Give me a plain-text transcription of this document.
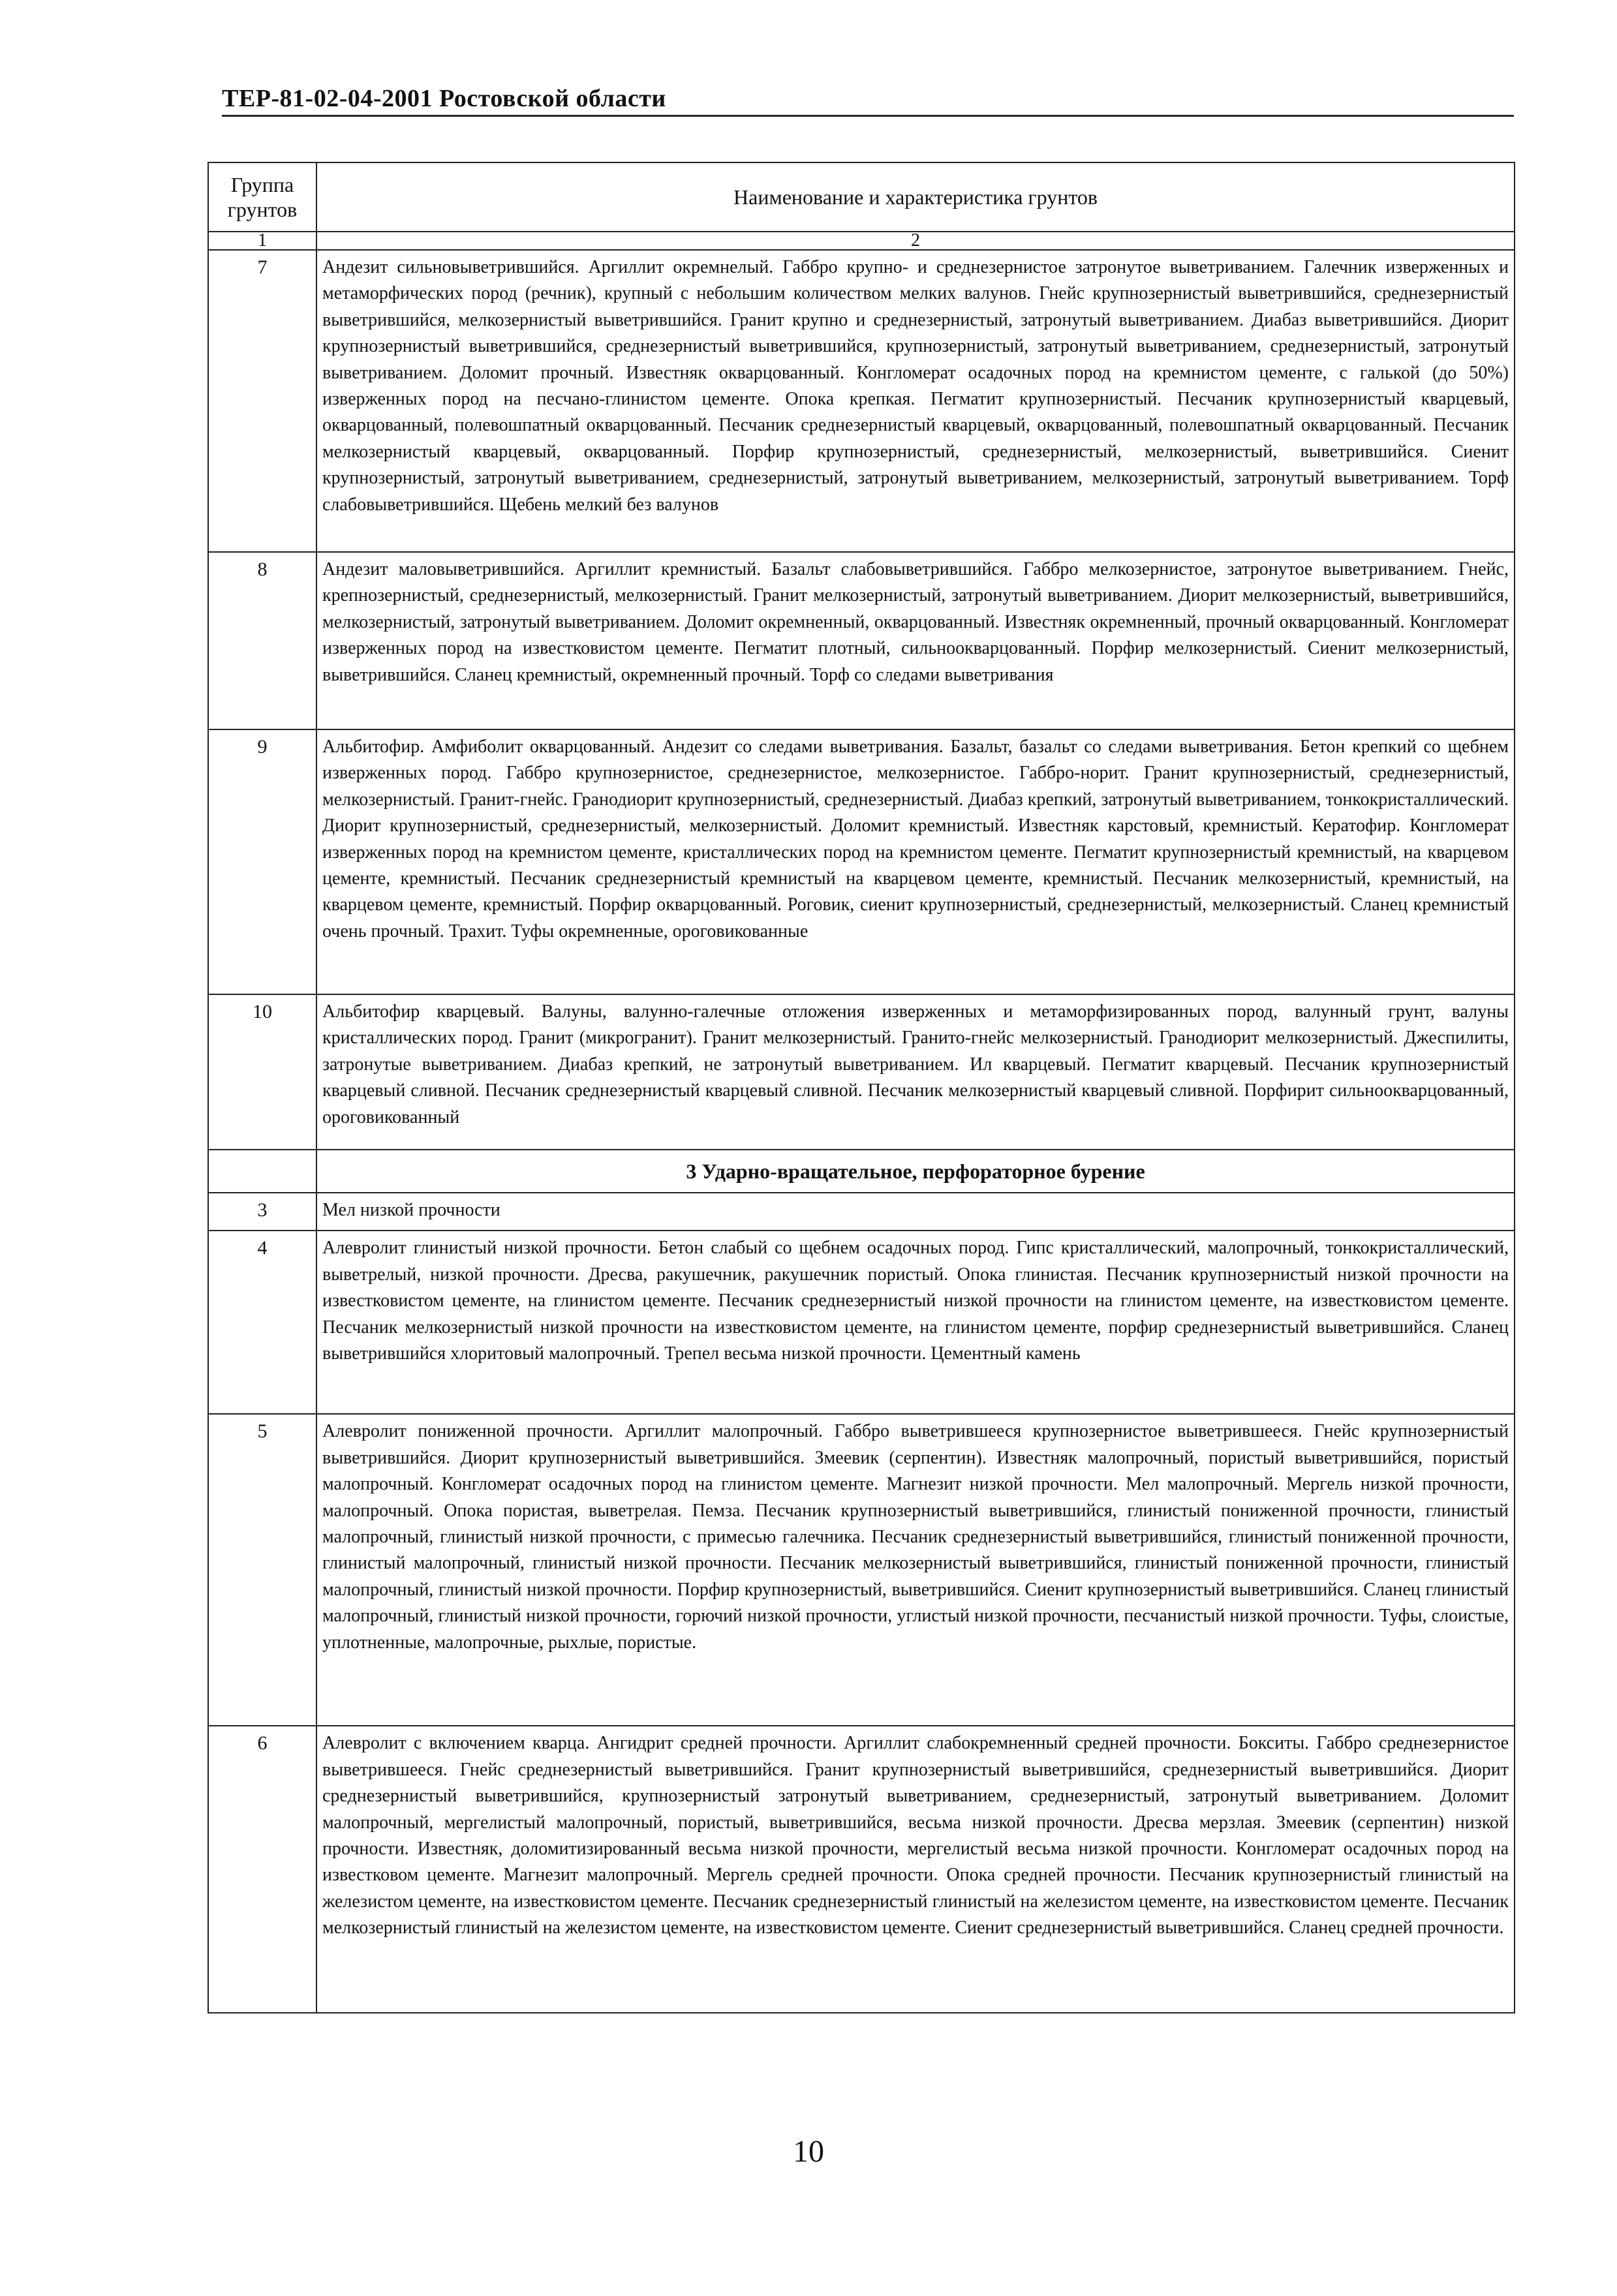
ТЕР-81-02-04-2001 Ростовской области
Группа грунтов	Наименование и характеристика грунтов
1	2
7	Андезит сильновыветрившийся. Аргиллит окремнелый. Габбро крупно- и среднезернистое затронутое выветриванием. Галечник изверженных и метаморфических пород (речник), крупный с небольшим количеством мелких валунов. Гнейс крупнозернистый выветрившийся, среднезернистый выветрившийся, мелкозернистый выветрившийся. Гранит крупно и среднезернистый, затронутый выветриванием. Диабаз выветрившийся. Диорит крупнозернистый выветрившийся, среднезернистый выветрившийся, крупнозернистый, затронутый выветриванием, среднезернистый, затронутый выветриванием. Доломит прочный. Известняк окварцованный. Конгломерат осадочных пород на кремнистом цементе, с галькой (до 50%) изверженных пород на песчано-глинистом цементе. Опока крепкая. Пегматит крупнозернистый. Песчаник крупнозернистый кварцевый, окварцованный, полевошпатный окварцованный. Песчаник среднезернистый кварцевый, окварцованный, полевошпатный окварцованный. Песчаник мелкозернистый кварцевый, окварцованный. Порфир крупнозернистый, среднезернистый, мелкозернистый, выветрившийся. Сиенит крупнозернистый, затронутый выветриванием, среднезернистый, затронутый выветриванием, мелкозернистый, затронутый выветриванием. Торф слабовыветрившийся. Щебень мелкий без валунов
8	Андезит маловыветрившийся. Аргиллит кремнистый. Базальт слабовыветрившийся. Габбро мелкозернистое, затронутое выветриванием. Гнейс, крепнозернистый, среднезернистый, мелкозернистый. Гранит мелкозернистый, затронутый выветриванием. Диорит мелкозернистый, выветрившийся, мелкозернистый, затронутый выветриванием. Доломит окремненный, окварцованный. Известняк окремненный, прочный окварцованный. Конгломерат изверженных пород на известковистом цементе. Пегматит плотный, сильноокварцованный. Порфир мелкозернистый. Сиенит мелкозернистый, выветрившийся. Сланец кремнистый, окремненный прочный. Торф со следами выветривания
9	Альбитофир. Амфиболит окварцованный. Андезит со следами выветривания. Базальт, базальт со следами выветривания. Бетон крепкий со щебнем изверженных пород. Габбро крупнозернистое, среднезернистое, мелкозернистое. Габбро-норит. Гранит крупнозернистый, среднезернистый, мелкозернистый. Гранит-гнейс. Гранодиорит крупнозернистый, среднезернистый. Диабаз крепкий, затронутый выветриванием, тонкокристаллический. Диорит крупнозернистый, среднезернистый, мелкозернистый. Доломит кремнистый. Известняк карстовый, кремнистый. Кератофир. Конгломерат изверженных пород на кремнистом цементе, кристаллических пород на кремнистом цементе. Пегматит крупнозернистый кремнистый, на кварцевом цементе, кремнистый. Песчаник среднезернистый кремнистый на кварцевом цементе, кремнистый. Песчаник мелкозернистый, кремнистый, на кварцевом цементе, кремнистый. Порфир окварцованный. Роговик, сиенит крупнозернистый, среднезернистый, мелкозернистый. Сланец кремнистый очень прочный. Трахит. Туфы окремненные, ороговикованные
10	Альбитофир кварцевый. Валуны, валунно-галечные отложения изверженных и метаморфизированных пород, валунный грунт, валуны кристаллических пород. Гранит (микрогранит). Гранит мелкозернистый. Гранито-гнейс мелкозернистый. Гранодиорит мелкозернистый. Джеспилиты, затронутые выветриванием. Диабаз крепкий, не затронутый выветриванием. Ил кварцевый. Пегматит кварцевый. Песчаник крупнозернистый кварцевый сливной. Песчаник среднезернистый кварцевый сливной. Песчаник мелкозернистый кварцевый сливной. Порфирит сильноокварцованный, ороговикованный
	3 Ударно-вращательное, перфораторное бурение
3	Мел низкой прочности
4	Алевролит глинистый низкой прочности. Бетон слабый со щебнем осадочных пород. Гипс кристаллический, малопрочный, тонкокристаллический, выветрелый, низкой прочности. Дресва, ракушечник, ракушечник пористый. Опока глинистая. Песчаник крупнозернистый низкой прочности на известковистом цементе, на глинистом цементе. Песчаник среднезернистый низкой прочности на глинистом цементе, на известковистом цементе. Песчаник мелкозернистый низкой прочности на известковистом цементе, на глинистом цементе, порфир среднезернистый выветрившийся. Сланец выветрившийся хлоритовый малопрочный. Трепел весьма низкой прочности. Цементный камень
5	Алевролит пониженной прочности. Аргиллит малопрочный. Габбро выветрившееся крупнозернистое выветрившееся. Гнейс крупнозернистый выветрившийся. Диорит крупнозернистый выветрившийся. Змеевик (серпентин). Известняк малопрочный, пористый выветрившийся, пористый малопрочный. Конгломерат осадочных пород на глинистом цементе. Магнезит низкой прочности. Мел малопрочный. Мергель низкой прочности, малопрочный. Опока пористая, выветрелая. Пемза. Песчаник крупнозернистый выветрившийся, глинистый пониженной прочности, глинистый малопрочный, глинистый низкой прочности, с примесью галечника. Песчаник среднезернистый выветрившийся, глинистый пониженной прочности, глинистый малопрочный, глинистый низкой прочности. Песчаник мелкозернистый выветрившийся, глинистый пониженной прочности, глинистый малопрочный, глинистый низкой прочности. Порфир крупнозернистый, выветрившийся. Сиенит крупнозернистый выветрившийся. Сланец глинистый малопрочный, глинистый низкой прочности, горючий низкой прочности, углистый низкой прочности, песчанистый низкой прочности. Туфы, слоистые, уплотненные, малопрочные, рыхлые, пористые.
6	Алевролит с включением кварца. Ангидрит средней прочности. Аргиллит слабокремненный средней прочности. Бокситы. Габбро среднезернистое выветрившееся. Гнейс среднезернистый выветрившийся. Гранит крупнозернистый выветрившийся, среднезернистый выветрившийся. Диорит среднезернистый выветрившийся, крупнозернистый затронутый выветриванием, среднезернистый, затронутый выветриванием. Доломит малопрочный, мергелистый малопрочный, пористый, выветрившийся, весьма низкой прочности. Дресва мерзлая. Змеевик (серпентин) низкой прочности. Известняк, доломитизированный весьма низкой прочности, мергелистый весьма низкой прочности. Конгломерат осадочных пород на известковом цементе. Магнезит малопрочный. Мергель средней прочности. Опока средней прочности. Песчаник крупнозернистый глинистый на железистом цементе, на известковистом цементе. Песчаник среднезернистый глинистый на железистом цементе, на известковистом цементе. Песчаник мелкозернистый глинистый на железистом цементе, на известковистом цементе. Сиенит среднезернистый выветрившийся. Сланец средней прочности.
10
